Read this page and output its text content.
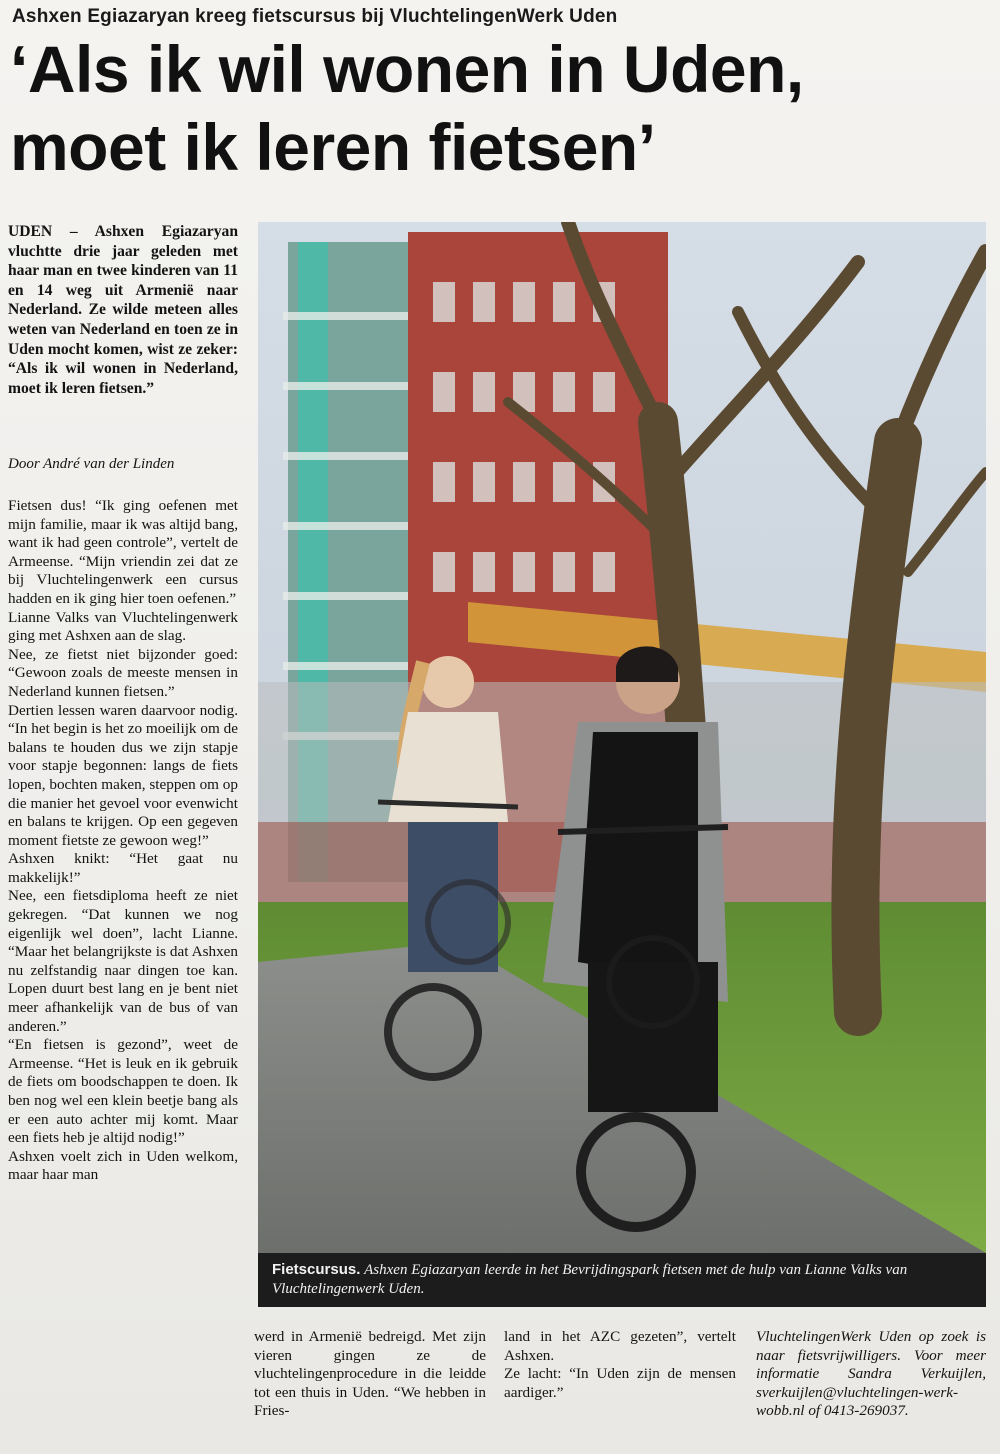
Ashxen Egiazaryan kreeg fietscursus bij VluchtelingenWerk Uden
‘Als ik wil wonen in Uden,
moet ik leren fietsen’
UDEN – Ashxen Egiazaryan vluchtte drie jaar geleden met haar man en twee kinderen van 11 en 14 weg uit Armenië naar Nederland. Ze wilde meteen alles weten van Nederland en toen ze in Uden mocht komen, wist ze zeker: “Als ik wil wonen in Nederland, moet ik leren fietsen.”
Door André van der Linden

Fietsen dus! “Ik ging oefenen met mijn familie, maar ik was altijd bang, want ik had geen controle”, vertelt de Armeense. “Mijn vriendin zei dat ze bij Vluchtelingenwerk een cursus hadden en ik ging hier toen oefenen.”

Lianne Valks van Vluchtelingenwerk ging met Ashxen aan de slag.

Nee, ze fietst niet bijzonder goed: “Gewoon zoals de meeste mensen in Nederland kunnen fietsen.”

Dertien lessen waren daarvoor nodig. “In het begin is het zo moeilijk om de balans te houden dus we zijn stapje voor stapje begonnen: langs de fiets lopen, bochten maken, steppen om op die manier het gevoel voor evenwicht en balans te krijgen. Op een gegeven moment fietste ze gewoon weg!”

Ashxen knikt: “Het gaat nu makkelijk!”

Nee, een fietsdiploma heeft ze niet gekregen. “Dat kunnen we nog eigenlijk wel doen”, lacht Lianne. “Maar het belangrijkste is dat Ashxen nu zelfstandig naar dingen toe kan. Lopen duurt best lang en je bent niet meer afhankelijk van de bus of van anderen.”

“En fietsen is gezond”, weet de Armeense. “Het is leuk en ik gebruik de fiets om boodschappen te doen. Ik ben nog wel een klein beetje bang als er een auto achter mij komt. Maar een fiets heb je altijd nodig!”

Ashxen voelt zich in Uden welkom, maar haar man

Fietscursus. Ashxen Egiazaryan leerde in het Bevrijdingspark fietsen met de hulp van Lianne Valks van Vluchtelingenwerk Uden.

werd in Armenië bedreigd. Met zijn vieren gingen ze de vluchtelingenprocedure in die leidde tot een thuis in Uden. “We hebben in Fries-

land in het AZC gezeten”, vertelt Ashxen.

Ze lacht: “In Uden zijn de mensen aardiger.”

VluchtelingenWerk Uden op zoek is naar fietsvrijwilligers. Voor meer informatie Sandra Verkuijlen, sverkuijlen@vluchtelingen-werk-wobb.nl of 0413-269037.
